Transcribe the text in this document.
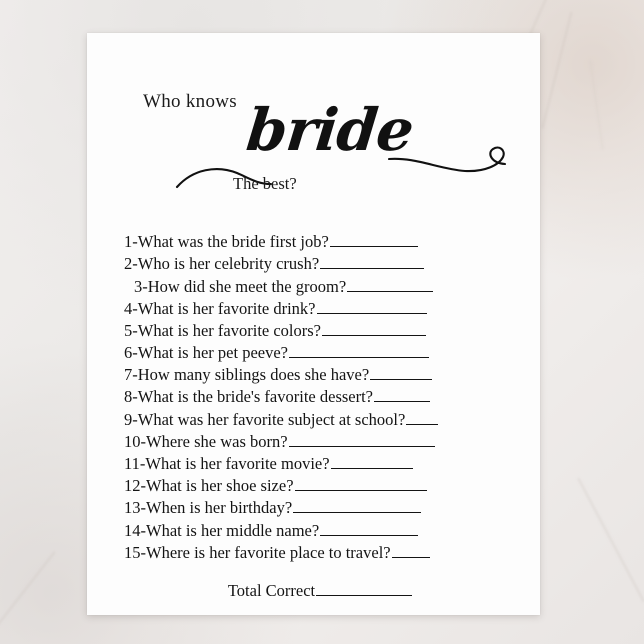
Who knows bride
The best?
1-What was the bride first job?
2-Who is her celebrity crush?
3-How did she meet the groom?
4-What is her favorite drink?
5-What is her favorite colors?
6-What is her pet peeve?
7-How many siblings does she have?
8-What is the bride's favorite dessert?
9-What was her favorite subject at school?
10-Where she was born?
11-What is her favorite movie?
12-What is her shoe size?
13-When is her birthday?
14-What is her middle name?
15-Where is her favorite place to travel?
Total Correct
